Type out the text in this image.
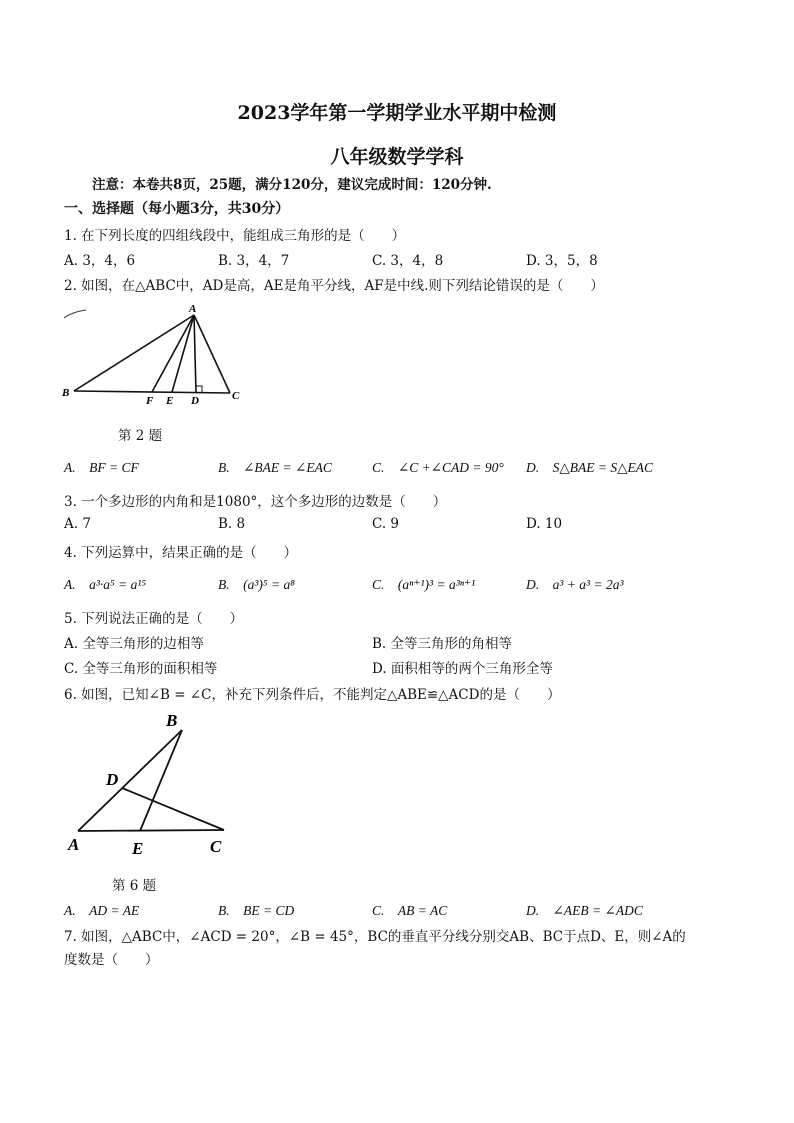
2023学年第一学期学业水平期中检测
八年级数学学科
注意：本卷共8页，25题，满分120分，建议完成时间：120分钟.
一、选择题（每小题3分，共30分）
1. 在下列长度的四组线段中，能组成三角形的是（　　）
A. 3，4，6	B. 3，4，7	C. 3，4，8	D. 3，5，8
2. 如图，在△ABC中，AD是高，AE是角平分线，AF是中线.则下列结论错误的是（　　）
A
B	C
F E D
第 2 题
A.　BF = CF	B.　∠BAE = ∠EAC	C.　∠C +∠CAD = 90° D.　S△BAE = S△EAC
3. 一个多边形的内角和是1080°，这个多边形的边数是（　　）
A. 7	B. 8	C. 9	D. 10
4. 下列运算中，结果正确的是（　　）
A.　a³·a⁵ = a¹⁵	B.　(a³)⁵ = a⁸	C.　(aⁿ⁺¹)³ = a³ⁿ⁺¹	D.　a³ + a³ = 2a³
5. 下列说法正确的是（　　）
A. 全等三角形的边相等	B. 全等三角形的角相等
C. 全等三角形的面积相等	D. 面积相等的两个三角形全等
6. 如图，已知∠B = ∠C，补充下列条件后，不能判定△ABE≌△ACD的是（　　）
B
D
A	E	C
第 6 题
A.　AD = AE	B.　BE = CD	C.　AB = AC	D.　∠AEB = ∠ADC
7. 如图，△ABC中，∠ACD = 20°，∠B = 45°，BC的垂直平分线分别交AB、BC于点D、E，则∠A的
度数是（　　）
